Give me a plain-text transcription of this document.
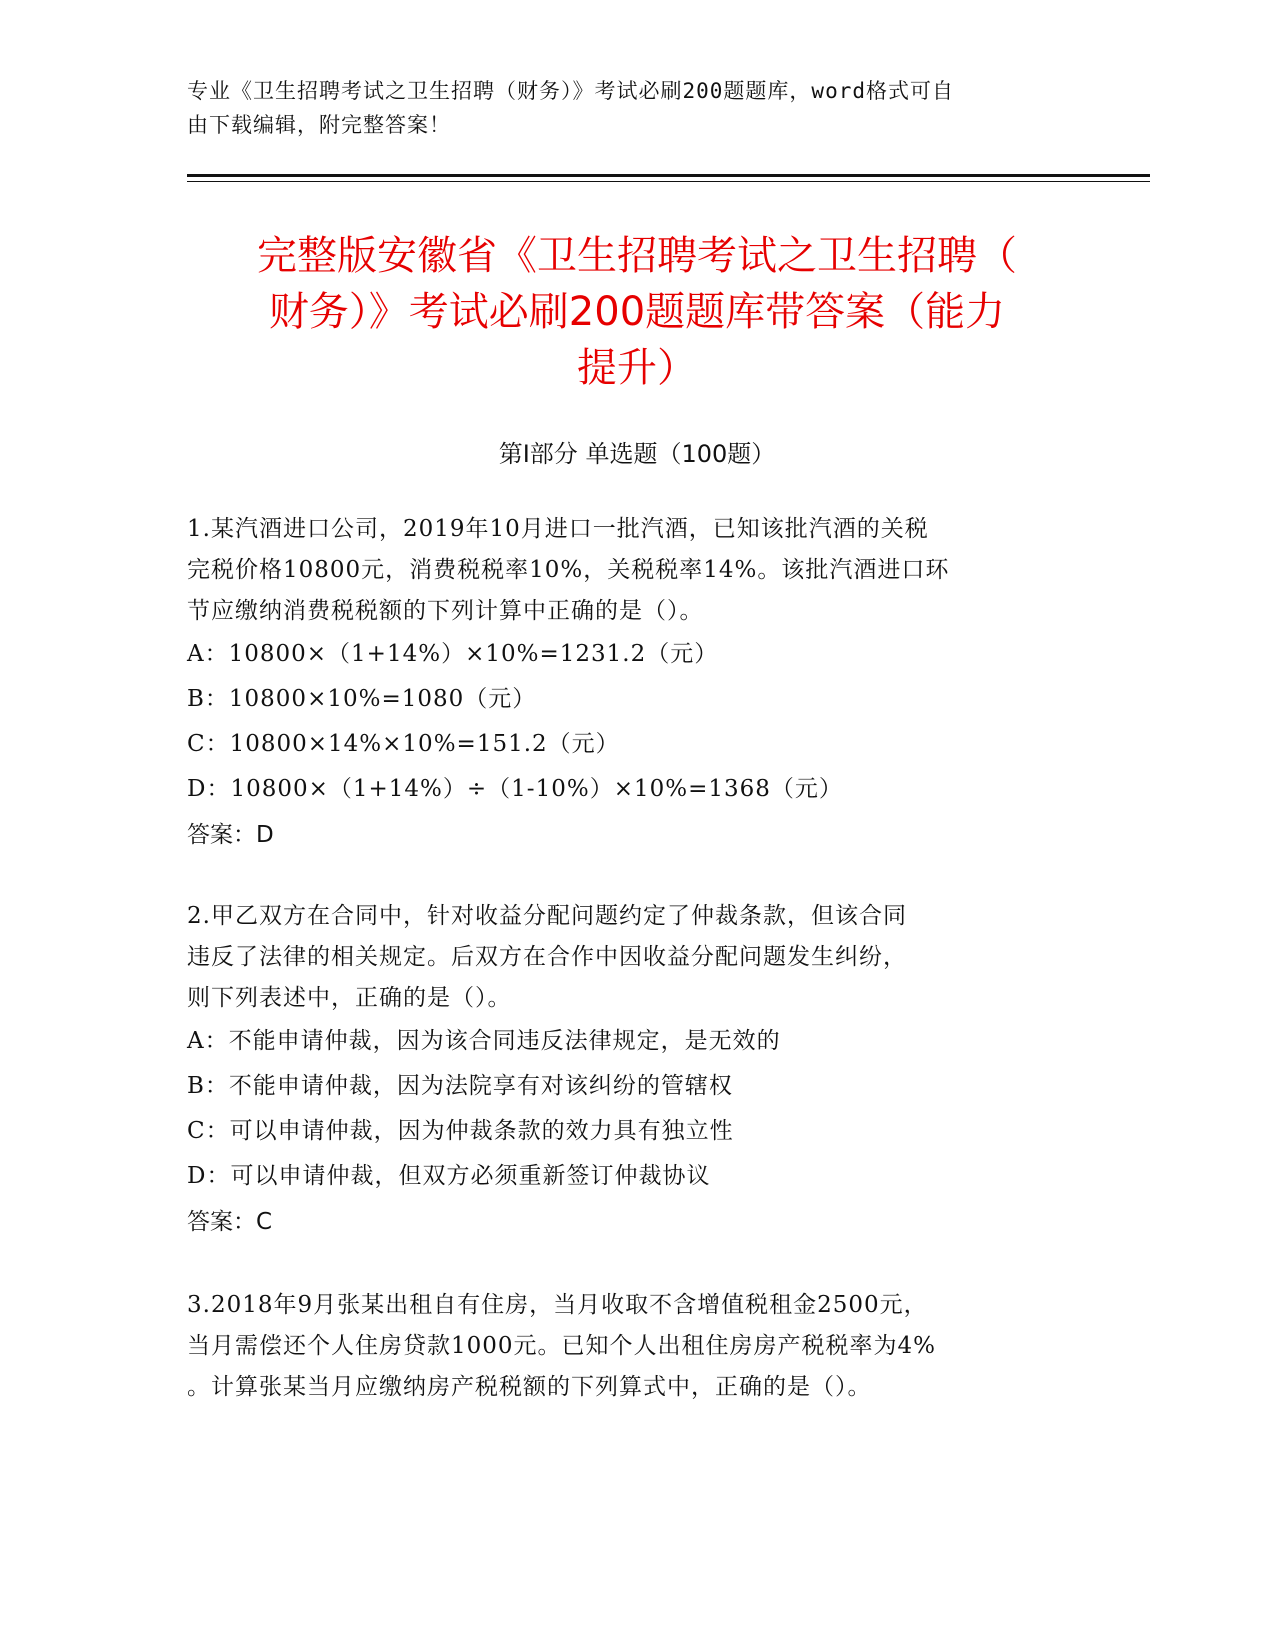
专业《卫生招聘考试之卫生招聘（财务）》考试必刷200题题库，word格式可自
由下载编辑，附完整答案！
完整版安徽省《卫生招聘考试之卫生招聘（
财务）》考试必刷200题题库带答案（能力
提升）
第Ⅰ部分 单选题（100题）
1.某汽酒进口公司，2019年10月进口一批汽酒，已知该批汽酒的关税
完税价格10800元，消费税税率10%，关税税率14%。该批汽酒进口环
节应缴纳消费税税额的下列计算中正确的是（）。
A：10800×（1+14%）×10%=1231.2（元）
B：10800×10%=1080（元）
C：10800×14%×10%=151.2（元）
D：10800×（1+14%）÷（1-10%）×10%=1368（元）
答案：D
2.甲乙双方在合同中，针对收益分配问题约定了仲裁条款，但该合同
违反了法律的相关规定。后双方在合作中因收益分配问题发生纠纷，
则下列表述中，正确的是（）。
A：不能申请仲裁，因为该合同违反法律规定，是无效的
B：不能申请仲裁，因为法院享有对该纠纷的管辖权
C：可以申请仲裁，因为仲裁条款的效力具有独立性
D：可以申请仲裁，但双方必须重新签订仲裁协议
答案：C
3.2018年9月张某出租自有住房，当月收取不含增值税租金2500元，
当月需偿还个人住房贷款1000元。已知个人出租住房房产税税率为4%
。计算张某当月应缴纳房产税税额的下列算式中，正确的是（）。
